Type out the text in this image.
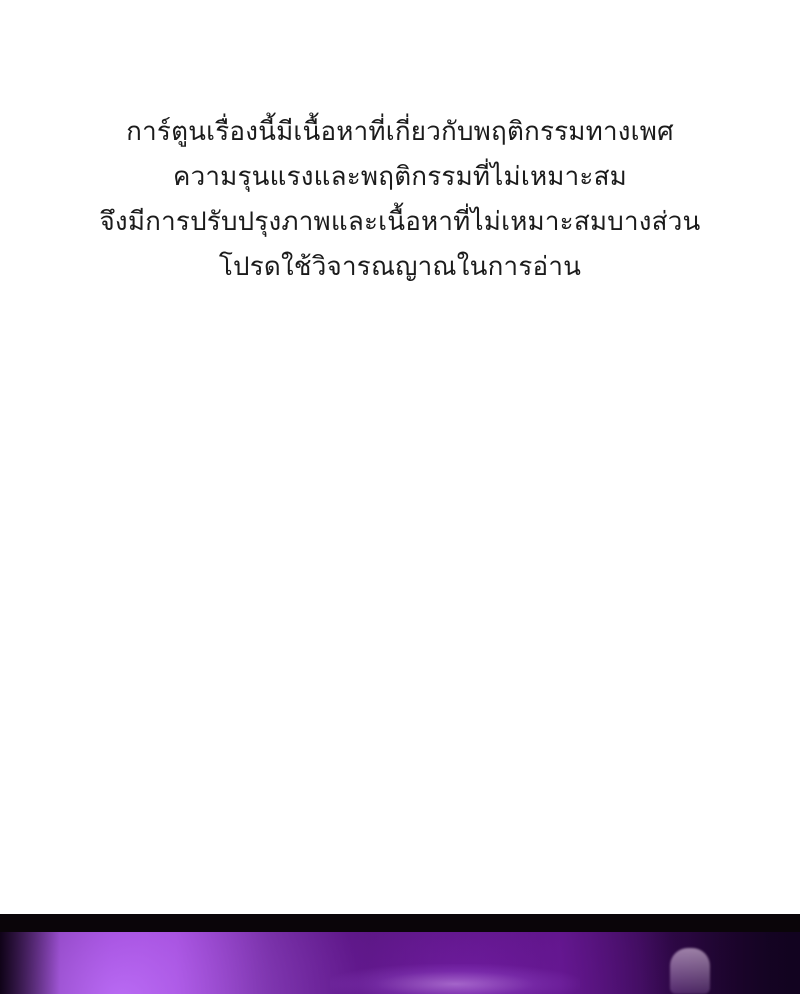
การ์ตูนเรื่องนี้มีเนื้อหาที่เกี่ยวกับพฤติกรรมทางเพศ
ความรุนแรงและพฤติกรรมที่ไม่เหมาะสม
จึงมีการปรับปรุงภาพและเนื้อหาที่ไม่เหมาะสมบางส่วน
โปรดใช้วิจารณญาณในการอ่าน
